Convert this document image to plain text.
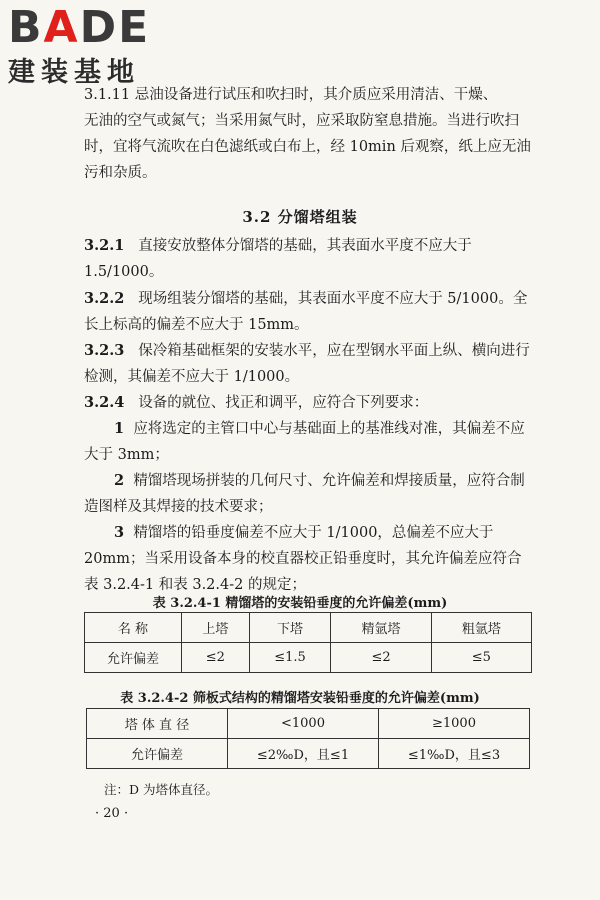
BADE
建装基地

3.1.11 忌油设备进行试压和吹扫时，其介质应采用清洁、干燥、

无油的空气或氮气；当采用氮气时，应采取防窒息措施。当进行吹扫时，宜将气流吹在白色滤纸或白布上，经 10min 后观察，纸上应无油污和杂质。

3.2 分馏塔组装

3.2.1 直接安放整体分馏塔的基础，其表面水平度不应大于 1.5/1000。

3.2.2 现场组装分馏塔的基础，其表面水平度不应大于 5/1000。全长上标高的偏差不应大于 15mm。

3.2.3 保冷箱基础框架的安装水平，应在型钢水平面上纵、横向进行检测，其偏差不应大于 1/1000。

3.2.4 设备的就位、找正和调平，应符合下列要求：

1 应将选定的主管口中心与基础面上的基准线对准，其偏差不应大于 3mm；

2 精馏塔现场拼装的几何尺寸、允许偏差和焊接质量，应符合制造图样及其焊接的技术要求；

3 精馏塔的铅垂度偏差不应大于 1/1000，总偏差不应大于 20mm；当采用设备本身的校直器校正铅垂度时，其允许偏差应符合表 3.2.4-1 和表 3.2.4-2 的规定；

表 3.2.4-1 精馏塔的安装铅垂度的允许偏差(mm)
名 称	上塔	下塔	精氩塔	粗氩塔
允许偏差	≤2	≤1.5	≤2	≤5
表 3.2.4-2 筛板式结构的精馏塔安装铅垂度的允许偏差(mm)
塔 体 直 径	<1000	≥1000
允许偏差	≤2‰D，且≤1	≤1‰D，且≤3
注：D 为塔体直径。
· 20 ·
